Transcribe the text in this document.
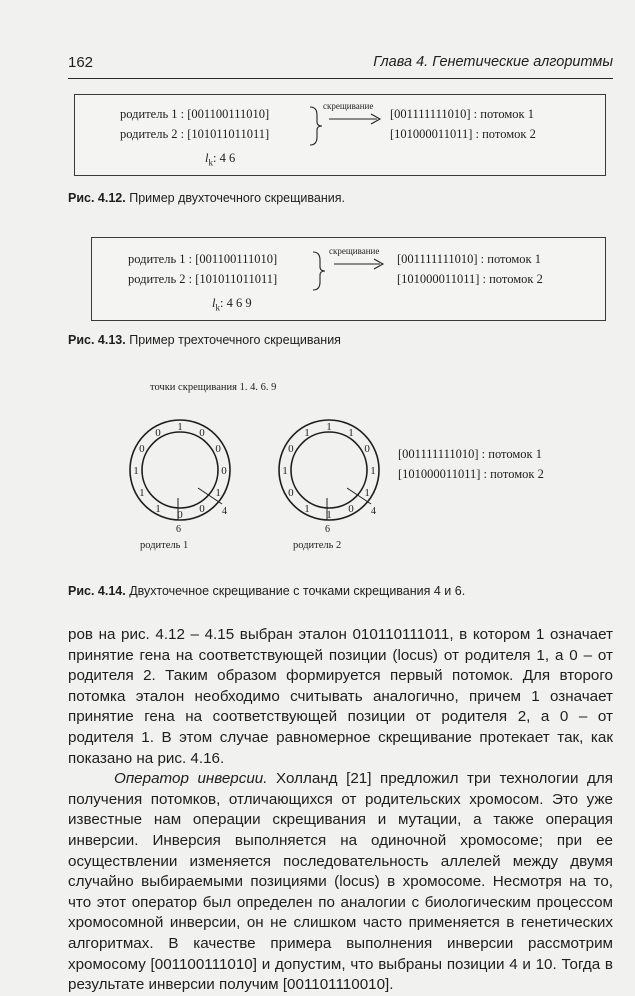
162	Глава 4. Генетические алгоритмы
родитель 1 : [001100111010]
родитель 2 : [101011011011]
скрещивание
[001111111010] : потомок 1
[101000011011] : потомок 2
$l_k$: 4 6
Рис. 4.12. Пример двухточечного скрещивания.
родитель 1 : [001100111010]
родитель 2 : [101011011011]
скрещивание
[001111111010] : потомок 1
[101000011011] : потомок 2
$l_k$: 4 6 9
Рис. 4.13. Пример трехточечного скрещивания
точки скрещивания 1. 4. 6. 9
1 0
0
0
1
0
0
1
1
1
0
0
4
6
1 1
0
1
1
0
1
1
0
1
0
1
4
6
родитель 1	родитель 2
[001111111010] : потомок 1
[101000011011] : потомок 2
Рис. 4.14. Двухточечное скрещивание с точками скрещивания 4 и 6.

ров на рис. 4.12 – 4.15 выбран эталон 010110111011, в котором 1 означает принятие гена на соответствующей позиции (locus) от родителя 1, а 0 – от родителя 2. Таким образом формируется первый потомок. Для второго потомка эталон необходимо считывать аналогично, причем 1 означает принятие гена на соответствующей позиции от родителя 2, а 0 – от родителя 1. В этом случае равномерное скрещивание протекает так, как показано на рис. 4.16.

Оператор инверсии. Холланд [21] предложил три технологии для получения потомков, отличающихся от родительских хромосом. Это уже известные нам операции скрещивания и мутации, а также операция инверсии. Инверсия выполняется на одиночной хромосоме; при ее осуществлении изменяется последовательность аллелей между двумя случайно выбираемыми позициями (locus) в хромосоме. Несмотря на то, что этот оператор был определен по аналогии с биологическим процессом хромосомной инверсии, он не слишком часто применяется в генетических алгоритмах. В качестве примера выполнения инверсии рассмотрим хромосому [001100111010] и допустим, что выбраны позиции 4 и 10. Тогда в результате инверсии получим [001101110010].
